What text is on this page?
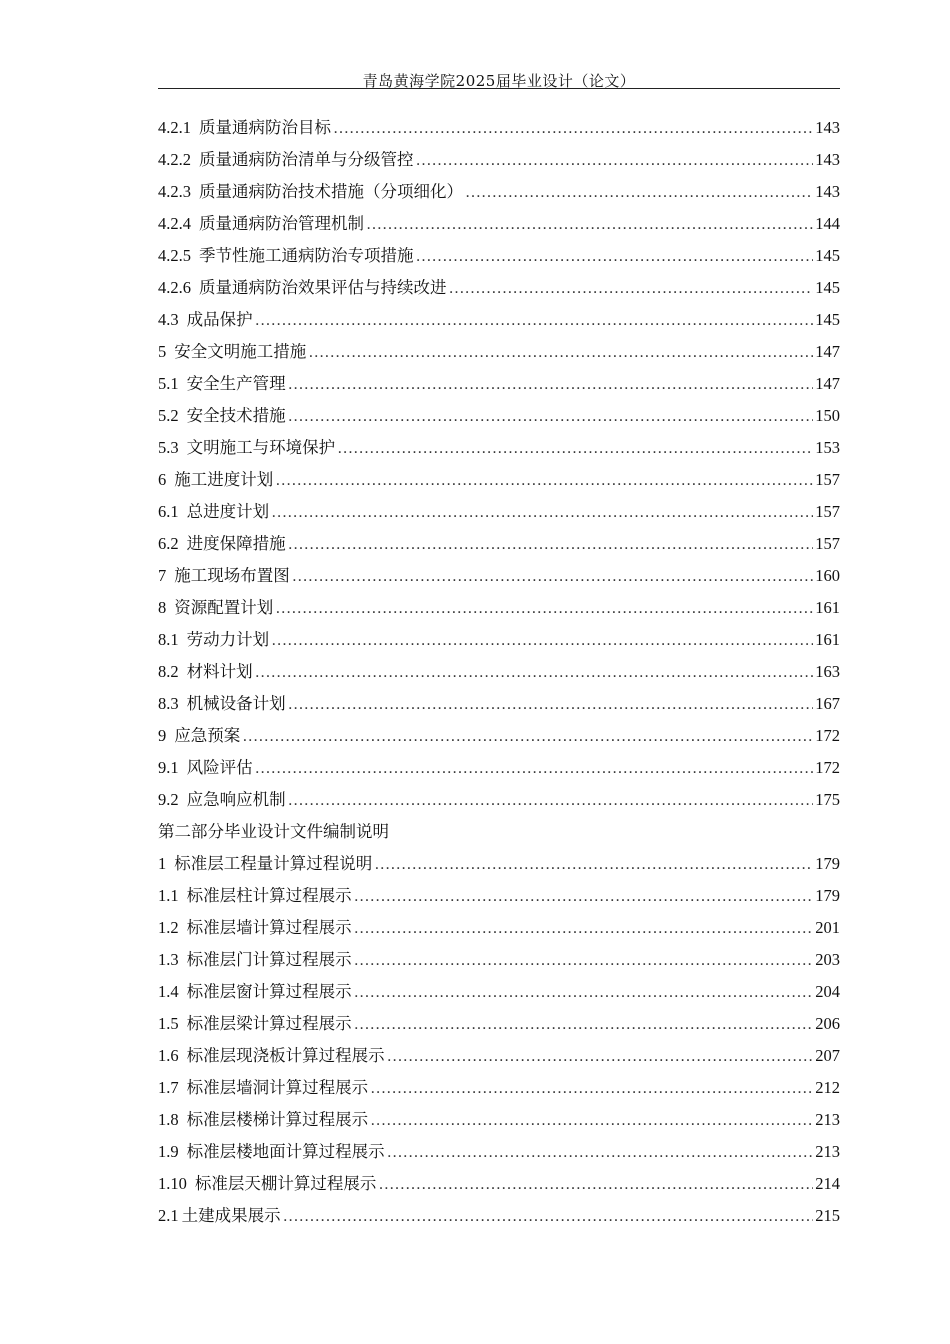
青岛黄海学院2025届毕业设计（论文）
4.2.1 质量通病防治目标 …………………………………………………………………………………………………………………………………………………………………………	143
4.2.2 质量通病防治清单与分级管控 …………………………………………………………………………………………………………………………………………………………………………	143
4.2.3 质量通病防治技术措施（分项细化） …………………………………………………………………………………………………………………………………………………………………………	143
4.2.4 质量通病防治管理机制 …………………………………………………………………………………………………………………………………………………………………………	144
4.2.5 季节性施工通病防治专项措施 …………………………………………………………………………………………………………………………………………………………………………	145
4.2.6 质量通病防治效果评估与持续改进 …………………………………………………………………………………………………………………………………………………………………………	145
4.3 成品保护 …………………………………………………………………………………………………………………………………………………………………………	145
5 安全文明施工措施 …………………………………………………………………………………………………………………………………………………………………………	147
5.1 安全生产管理 …………………………………………………………………………………………………………………………………………………………………………	147
5.2 安全技术措施 …………………………………………………………………………………………………………………………………………………………………………	150
5.3 文明施工与环境保护 …………………………………………………………………………………………………………………………………………………………………………	153
6 施工进度计划 …………………………………………………………………………………………………………………………………………………………………………	157
6.1 总进度计划 …………………………………………………………………………………………………………………………………………………………………………	157
6.2 进度保障措施 …………………………………………………………………………………………………………………………………………………………………………	157
7 施工现场布置图 …………………………………………………………………………………………………………………………………………………………………………	160
8 资源配置计划 …………………………………………………………………………………………………………………………………………………………………………	161
8.1 劳动力计划 …………………………………………………………………………………………………………………………………………………………………………	161
8.2 材料计划 …………………………………………………………………………………………………………………………………………………………………………	163
8.3 机械设备计划 …………………………………………………………………………………………………………………………………………………………………………	167
9 应急预案 …………………………………………………………………………………………………………………………………………………………………………	172
9.1 风险评估 …………………………………………………………………………………………………………………………………………………………………………	172
9.2 应急响应机制 …………………………………………………………………………………………………………………………………………………………………………	175
第二部分毕业设计文件编制说明
1 标准层工程量计算过程说明 …………………………………………………………………………………………………………………………………………………………………………	179
1.1 标准层柱计算过程展示 …………………………………………………………………………………………………………………………………………………………………………	179
1.2 标准层墙计算过程展示 …………………………………………………………………………………………………………………………………………………………………………	201
1.3 标准层门计算过程展示 …………………………………………………………………………………………………………………………………………………………………………	203
1.4 标准层窗计算过程展示 …………………………………………………………………………………………………………………………………………………………………………	204
1.5 标准层梁计算过程展示 …………………………………………………………………………………………………………………………………………………………………………	206
1.6 标准层现浇板计算过程展示 …………………………………………………………………………………………………………………………………………………………………………	207
1.7 标准层墙洞计算过程展示 …………………………………………………………………………………………………………………………………………………………………………	212
1.8 标准层楼梯计算过程展示 …………………………………………………………………………………………………………………………………………………………………………	213
1.9 标准层楼地面计算过程展示 …………………………………………………………………………………………………………………………………………………………………………	213
1.10 标准层天棚计算过程展示 …………………………………………………………………………………………………………………………………………………………………………	214
2.1 土建成果展示 …………………………………………………………………………………………………………………………………………………………………………	215
